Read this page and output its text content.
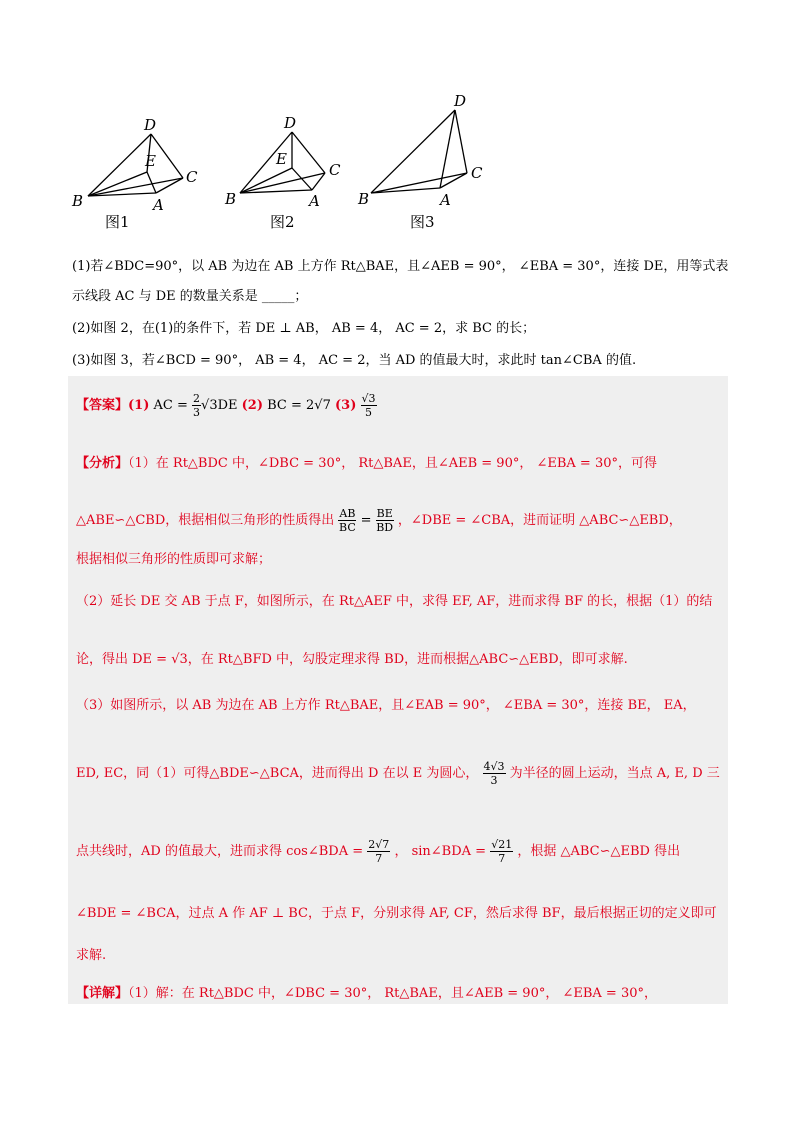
B	A
C
D
E
B	A
C
D
E
B	A
C
D
图1	图2	图3
(1)若∠BDC=90°，以 AB 为边在 AB 上方作 Rt△BAE，且∠AEB = 90°， ∠EBA = 30°，连接 DE，用等式表
示线段 AC 与 DE 的数量关系是 _____；
(2)如图 2，在(1)的条件下，若 DE ⊥ AB， AB = 4， AC = 2，求 BC 的长；
(3)如图 3，若∠BCD = 90°， AB = 4， AC = 2，当 AD 的值最大时，求此时 tan∠CBA 的值.
【答案】(1) AC = $\frac{2}{3} √3DE$ (2) BC = 2√7 $(3) \frac{√3}{5}$
【分析】（1）在 Rt△BDC 中，∠DBC = 30°， Rt△BAE，且∠AEB = 90°， ∠EBA = 30°，可得
△ABE∽△CBD，根据相似三角形的性质得出 $\frac{AB}{BC} = \frac{BE}{BD}$ ，∠DBE = ∠CBA，进而证明 △ABC∽△EBD，
根据相似三角形的性质即可求解；
（2）延长 DE 交 AB 于点 F，如图所示，在 Rt△AEF 中，求得 EF, AF，进而求得 BF 的长，根据（1）的结
论，得出 DE = √3，在 Rt△BFD 中，勾股定理求得 BD，进而根据△ABC∽△EBD，即可求解.
（3）如图所示，以 AB 为边在 AB 上方作 Rt△BAE，且∠EAB = 90°， ∠EBA = 30°，连接 BE， EA，
ED, EC，同（1）可得△BDE∽△BCA，进而得出 D 在以 E 为圆心， $\frac{4√3}{3}$ 为半径的圆上运动，当点 A, E, D 三
点共线时，AD 的值最大，进而求得 cos∠BDA = $\frac{2√7}{7}$ ， sin∠BDA = $\frac{√21}{7}$ ，根据 △ABC∽△EBD 得出
∠BDE = ∠BCA，过点 A 作 AF ⊥ BC，于点 F，分别求得 AF, CF，然后求得 BF，最后根据正切的定义即可
求解.
【详解】（1）解：在 Rt△BDC 中，∠DBC = 30°， Rt△BAE，且∠AEB = 90°， ∠EBA = 30°，
